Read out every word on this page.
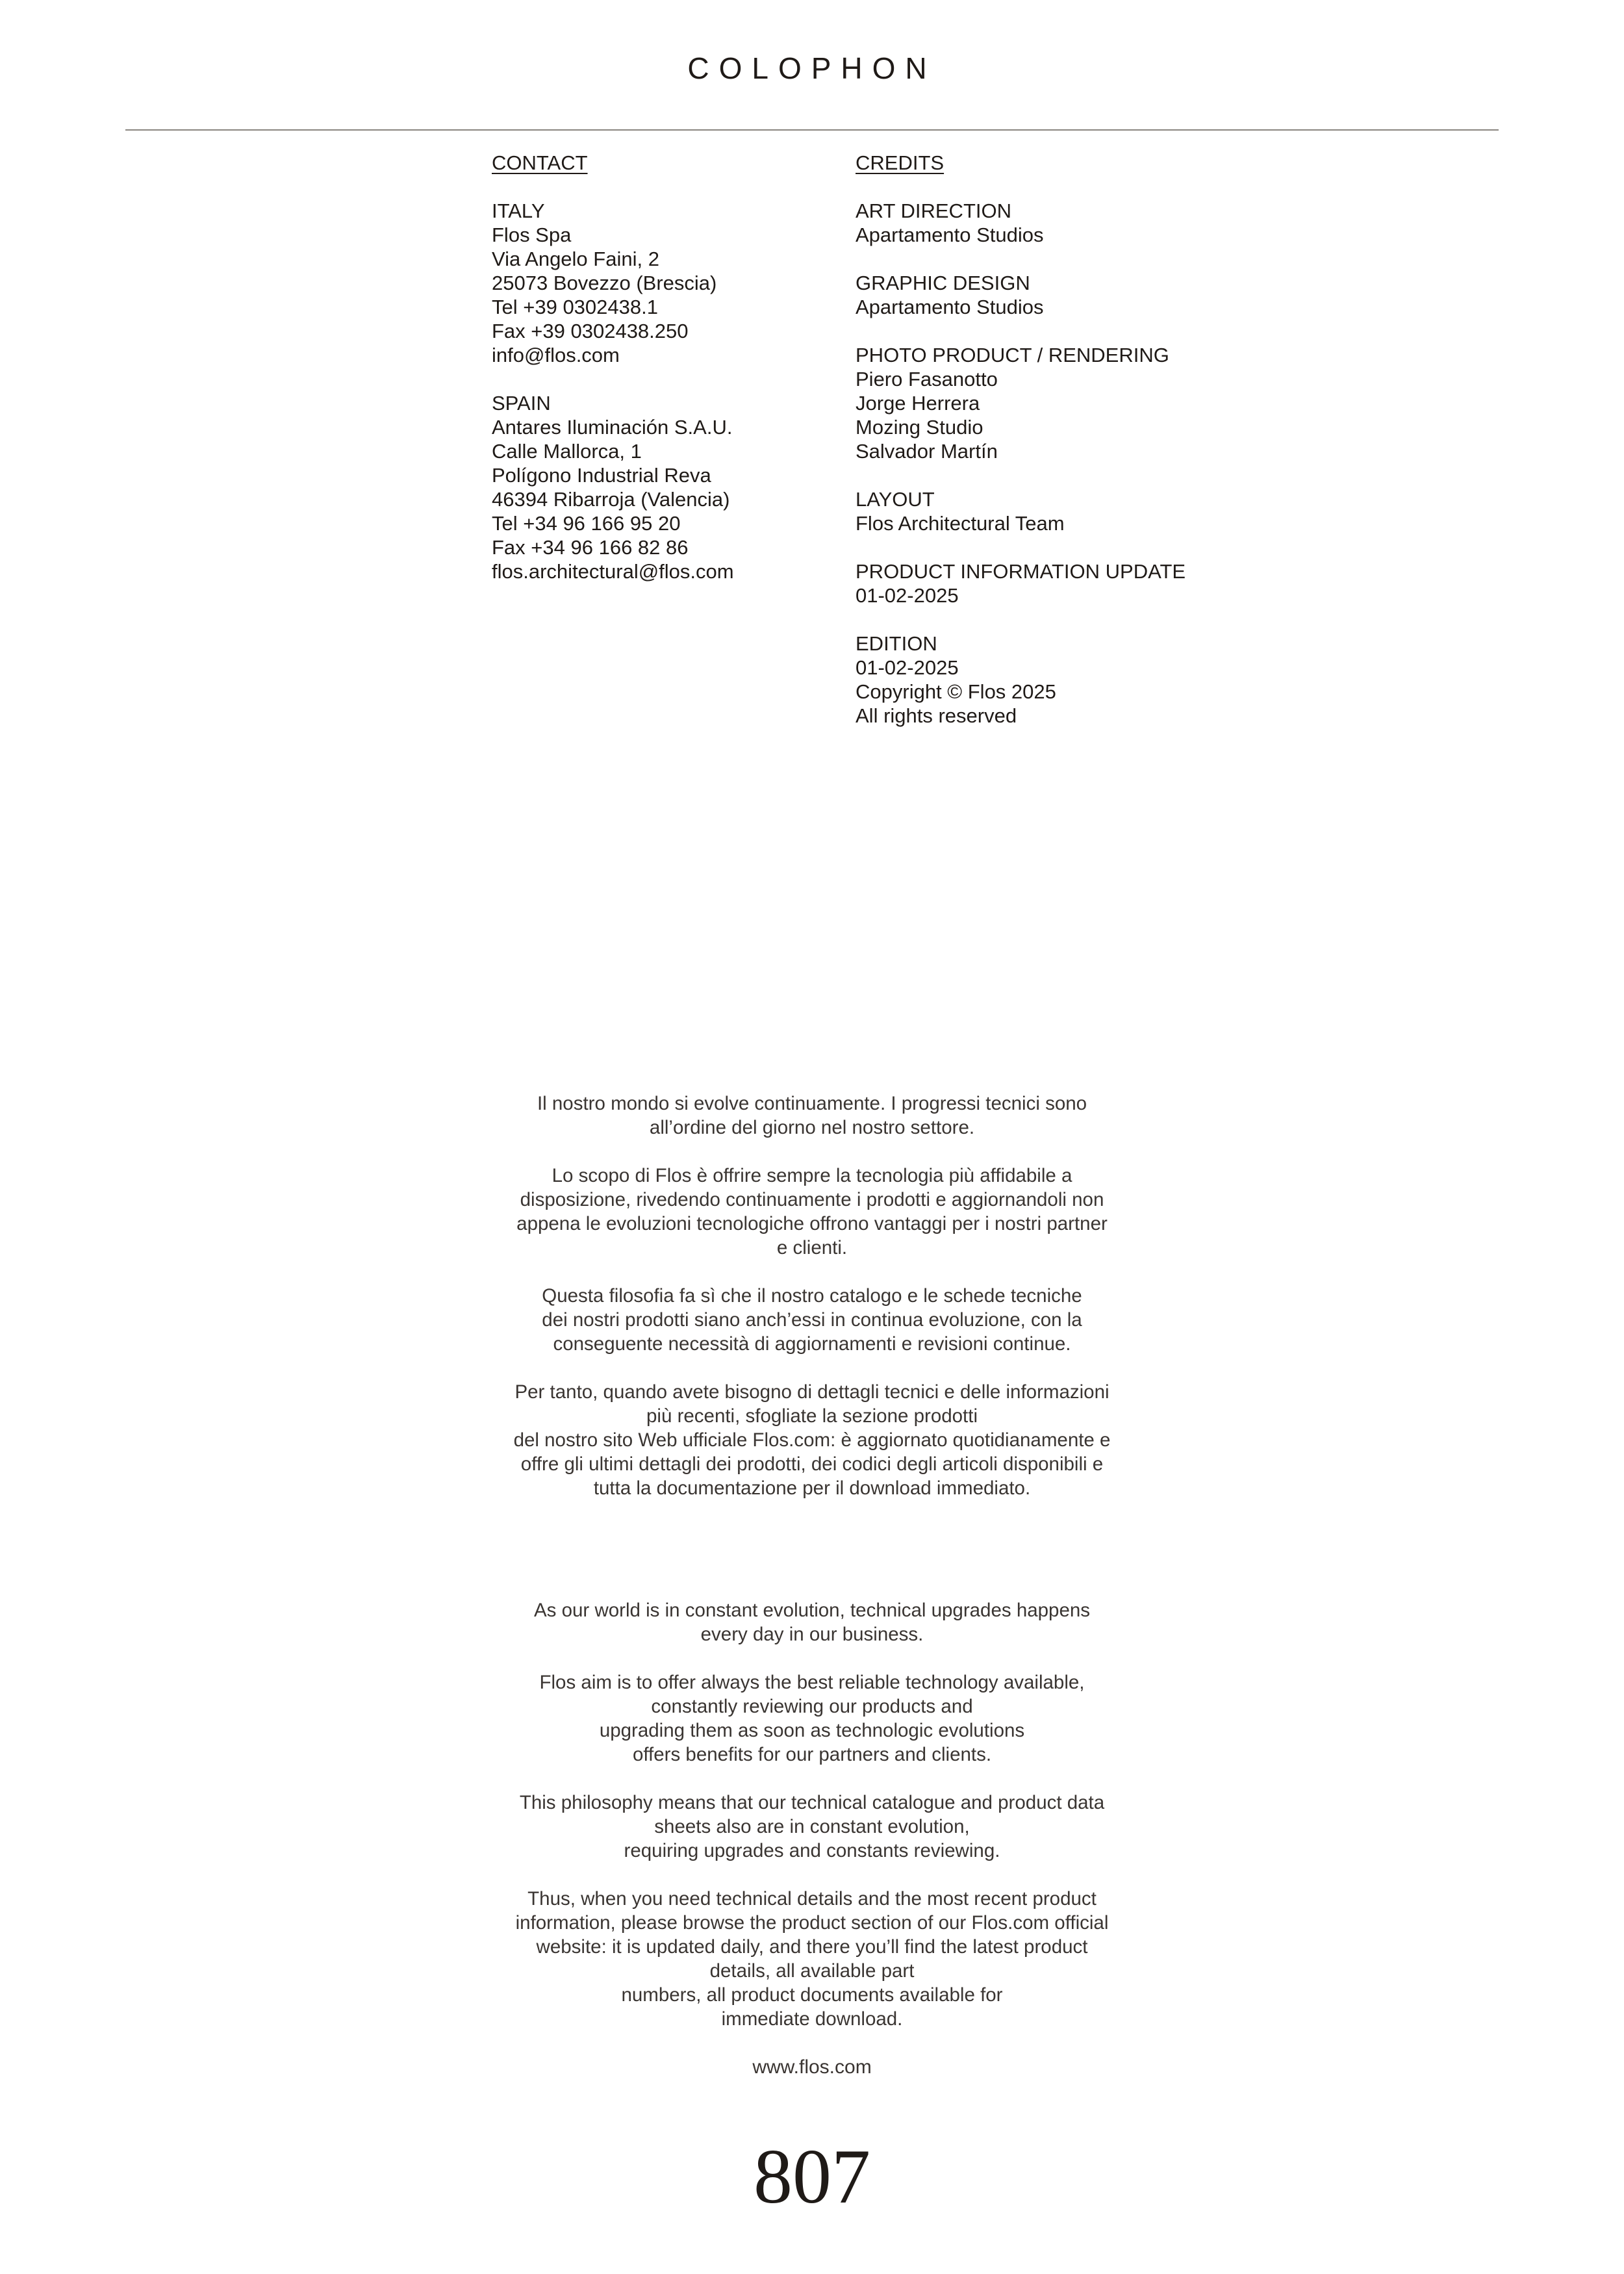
COLOPHON
CONTACT
ITALY
Flos Spa
Via Angelo Faini, 2
25073 Bovezzo (Brescia)
Tel +39 0302438.1
Fax +39 0302438.250
info@flos.com
SPAIN
Antares Iluminación S.A.U.
Calle Mallorca, 1
Polígono Industrial Reva
46394 Ribarroja (Valencia)
Tel +34 96 166 95 20
Fax +34 96 166 82 86
flos.architectural@flos.com
CREDITS
ART DIRECTION
Apartamento Studios
GRAPHIC DESIGN
Apartamento Studios
PHOTO PRODUCT / RENDERING
Piero Fasanotto
Jorge Herrera
Mozing Studio
Salvador Martín
LAYOUT
Flos Architectural Team
PRODUCT INFORMATION UPDATE
01-02-2025
EDITION
01-02-2025
Copyright © Flos 2025
All rights reserved

Il nostro mondo si evolve continuamente. I progressi tecnici sono
all’ordine del giorno nel nostro settore.

Lo scopo di Flos è offrire sempre la tecnologia più affidabile a
disposizione, rivedendo continuamente i prodotti e aggiornandoli non
appena le evoluzioni tecnologiche offrono vantaggi per i nostri partner
e clienti.

Questa filosofia fa sì che il nostro catalogo e le schede tecniche
dei nostri prodotti siano anch’essi in continua evoluzione, con la
conseguente necessità di aggiornamenti e revisioni continue.

Per tanto, quando avete bisogno di dettagli tecnici e delle informazioni
più recenti, sfogliate la sezione prodotti
del nostro sito Web ufficiale Flos.com: è aggiornato quotidianamente e
offre gli ultimi dettagli dei prodotti, dei codici degli articoli disponibili e
tutta la documentazione per il download immediato.

As our world is in constant evolution, technical upgrades happens
every day in our business.

Flos aim is to offer always the best reliable technology available,
constantly reviewing our products and
upgrading them as soon as technologic evolutions
offers benefits for our partners and clients.

This philosophy means that our technical catalogue and product data
sheets also are in constant evolution,
requiring upgrades and constants reviewing.

Thus, when you need technical details and the most recent product
information, please browse the product section of our Flos.com official
website: it is updated daily, and there you’ll find the latest product
details, all available part
numbers, all product documents available for
immediate download.

www.flos.com
807
